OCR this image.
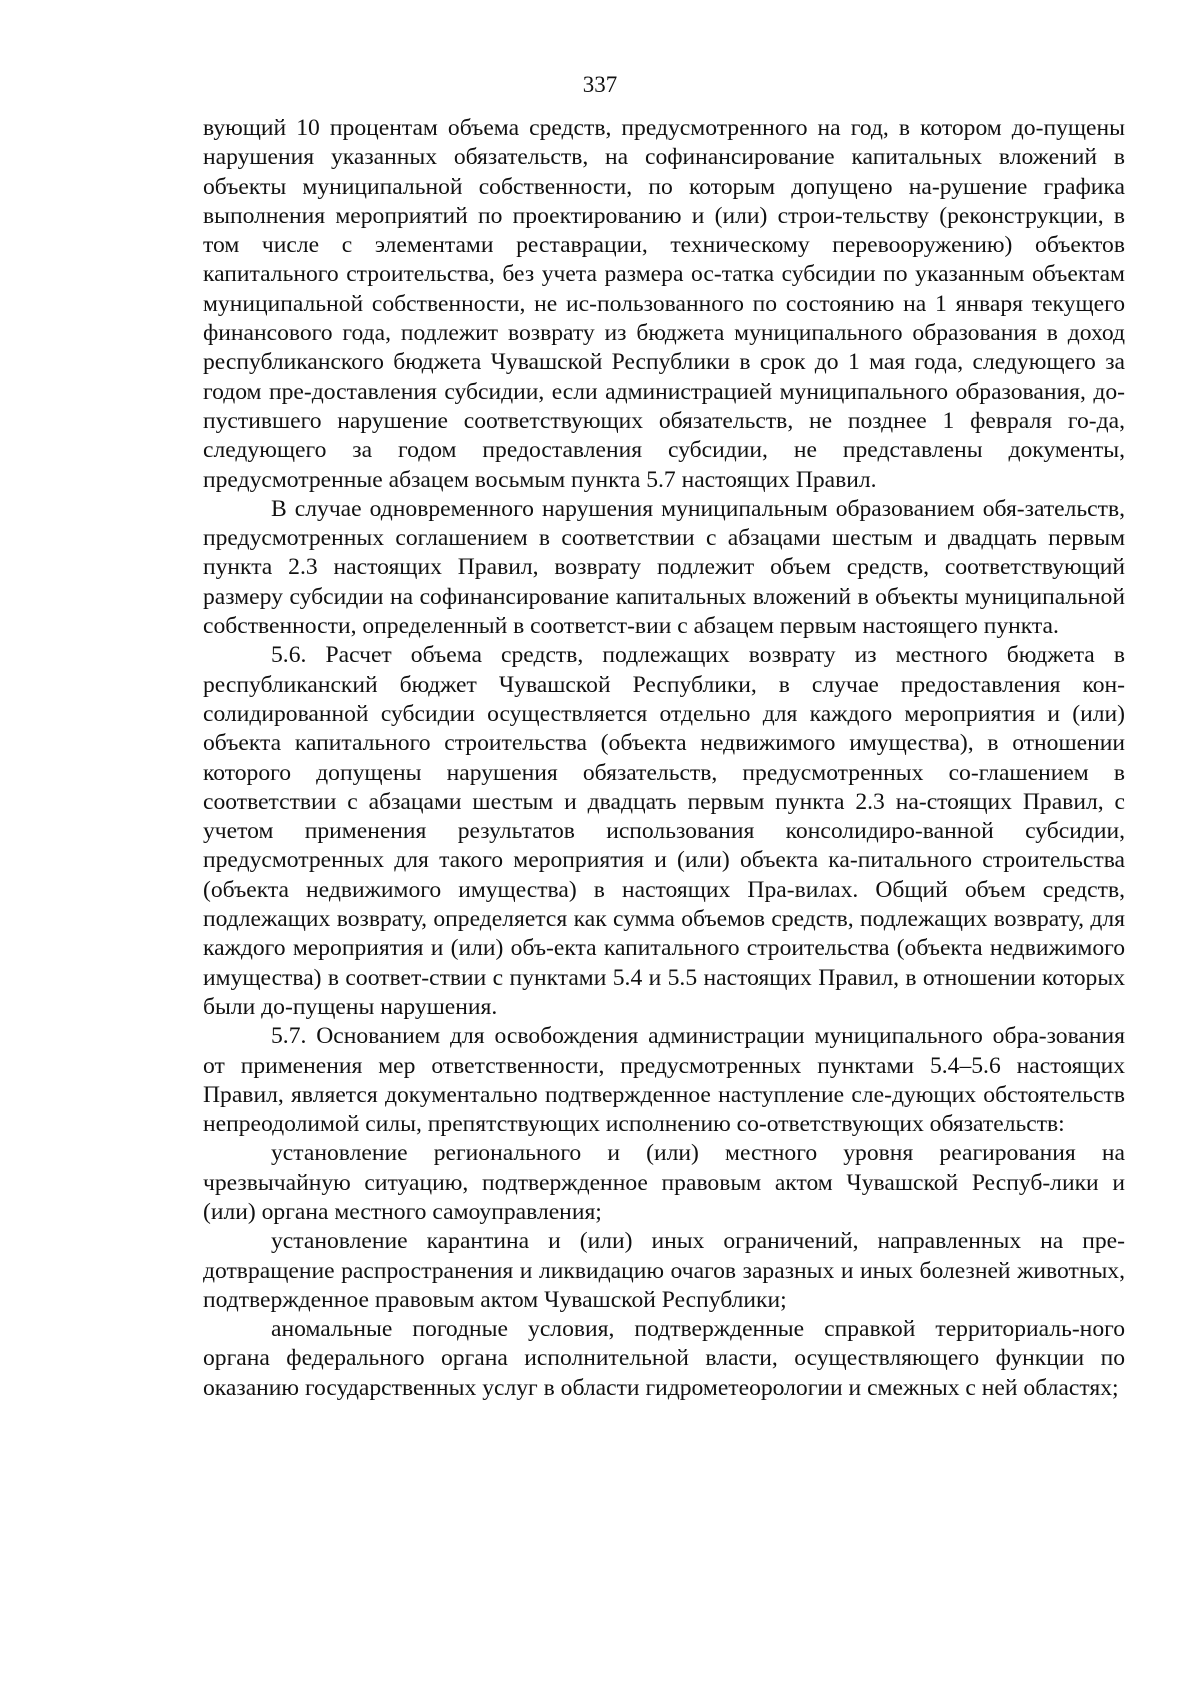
337

вующий 10 процентам объема средств, предусмотренного на год, в котором до-пущены нарушения указанных обязательств, на софинансирование капитальных вложений в объекты муниципальной собственности, по которым допущено на-рушение графика выполнения мероприятий по проектированию и (или) строи-тельству (реконструкции, в том числе с элементами реставрации, техническому перевооружению) объектов капитального строительства, без учета размера ос-татка субсидии по указанным объектам муниципальной собственности, не ис-пользованного по состоянию на 1 января текущего финансового года, подлежит возврату из бюджета муниципального образования в доход республиканского бюджета Чувашской Республики в срок до 1 мая года, следующего за годом пре-доставления субсидии, если администрацией муниципального образования, до-пустившего нарушение соответствующих обязательств, не позднее 1 февраля го-да, следующего за годом предоставления субсидии, не представлены документы, предусмотренные абзацем восьмым пункта 5.7 настоящих Правил.

В случае одновременного нарушения муниципальным образованием обя-зательств, предусмотренных соглашением в соответствии с абзацами шестым и двадцать первым пункта 2.3 настоящих Правил, возврату подлежит объем средств, соответствующий размеру субсидии на софинансирование капитальных вложений в объекты муниципальной собственности, определенный в соответст-вии с абзацем первым настоящего пункта.

5.6. Расчет объема средств, подлежащих возврату из местного бюджета в республиканский бюджет Чувашской Республики, в случае предоставления кон-солидированной субсидии осуществляется отдельно для каждого мероприятия и (или) объекта капитального строительства (объекта недвижимого имущества), в отношении которого допущены нарушения обязательств, предусмотренных со-глашением в соответствии с абзацами шестым и двадцать первым пункта 2.3 на-стоящих Правил, с учетом применения результатов использования консолидиро-ванной субсидии, предусмотренных для такого мероприятия и (или) объекта ка-питального строительства (объекта недвижимого имущества) в настоящих Пра-вилах. Общий объем средств, подлежащих возврату, определяется как сумма объемов средств, подлежащих возврату, для каждого мероприятия и (или) объ-екта капитального строительства (объекта недвижимого имущества) в соответ-ствии с пунктами 5.4 и 5.5 настоящих Правил, в отношении которых были до-пущены нарушения.

5.7. Основанием для освобождения администрации муниципального обра-зования от применения мер ответственности, предусмотренных пунктами 5.4–5.6 настоящих Правил, является документально подтвержденное наступление сле-дующих обстоятельств непреодолимой силы, препятствующих исполнению со-ответствующих обязательств:

установление регионального и (или) местного уровня реагирования на чрезвычайную ситуацию, подтвержденное правовым актом Чувашской Респуб-лики и (или) органа местного самоуправления;

установление карантина и (или) иных ограничений, направленных на пре-дотвращение распространения и ликвидацию очагов заразных и иных болезней животных, подтвержденное правовым актом Чувашской Республики;

аномальные погодные условия, подтвержденные справкой территориаль-ного органа федерального органа исполнительной власти, осуществляющего функции по оказанию государственных услуг в области гидрометеорологии и смежных с ней областях;
